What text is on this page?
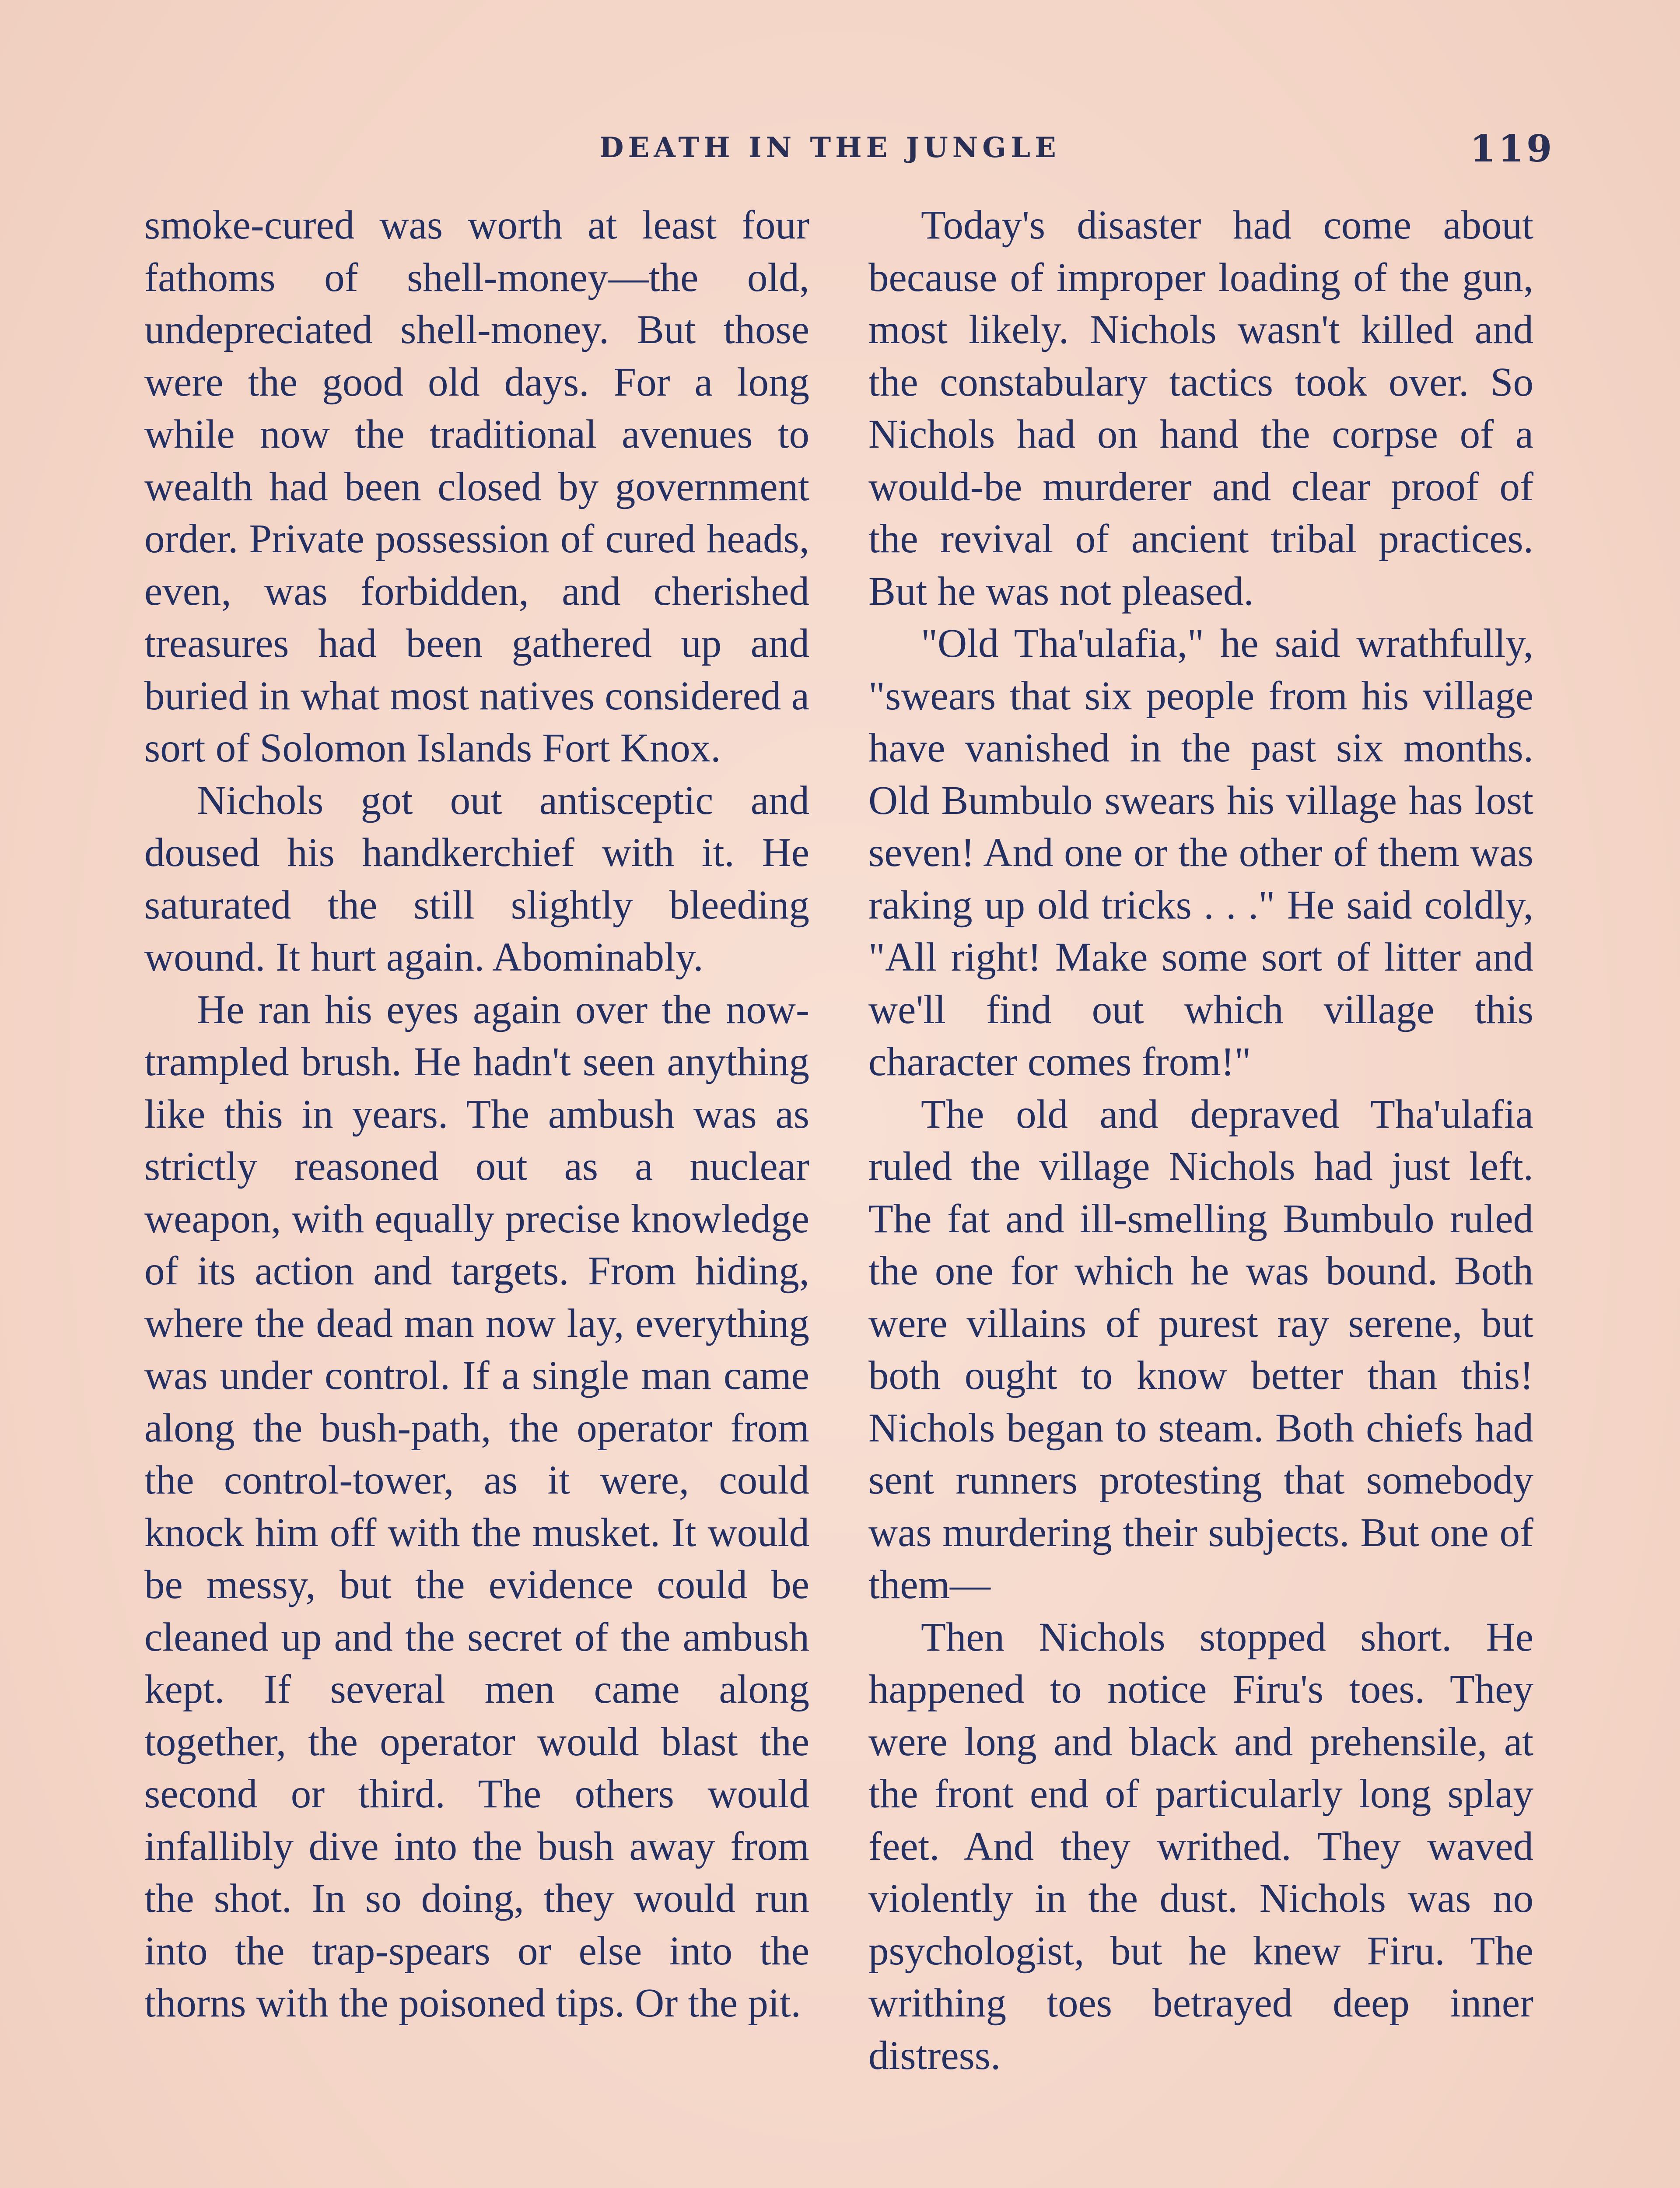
DEATH IN THE JUNGLE	119

smoke-cured was worth at least four fathoms of shell-money—the old, undepreciated shell-money. But those were the good old days. For a long while now the traditional avenues to wealth had been closed by government order. Private possession of cured heads, even, was forbidden, and cherished treasures had been gathered up and buried in what most natives considered a sort of Solomon Islands Fort Knox.

Nichols got out antisceptic and doused his handkerchief with it. He saturated the still slightly bleeding wound. It hurt again. Abominably.

He ran his eyes again over the now-trampled brush. He hadn't seen anything like this in years. The ambush was as strictly reasoned out as a nuclear weapon, with equally precise knowledge of its action and targets. From hiding, where the dead man now lay, everything was under control. If a single man came along the bush-path, the operator from the control-tower, as it were, could knock him off with the musket. It would be messy, but the evidence could be cleaned up and the secret of the ambush kept. If several men came along together, the operator would blast the second or third. The others would infallibly dive into the bush away from the shot. In so doing, they would run into the trap-spears or else into the thorns with the poisoned tips. Or the pit.

Today's disaster had come about because of improper loading of the gun, most likely. Nichols wasn't killed and the constabulary tactics took over. So Nichols had on hand the corpse of a would-be murderer and clear proof of the revival of ancient tribal practices. But he was not pleased.

"Old Tha'ulafia," he said wrathfully, "swears that six people from his village have vanished in the past six months. Old Bumbulo swears his village has lost seven! And one or the other of them was raking up old tricks . . ." He said coldly, "All right! Make some sort of litter and we'll find out which village this character comes from!"

The old and depraved Tha'ulafia ruled the village Nichols had just left. The fat and ill-smelling Bumbulo ruled the one for which he was bound. Both were villains of purest ray serene, but both ought to know better than this! Nichols began to steam. Both chiefs had sent runners protesting that somebody was murdering their subjects. But one of them—

Then Nichols stopped short. He happened to notice Firu's toes. They were long and black and prehensile, at the front end of particularly long splay feet. And they writhed. They waved violently in the dust. Nichols was no psychologist, but he knew Firu. The writhing toes betrayed deep inner distress.
